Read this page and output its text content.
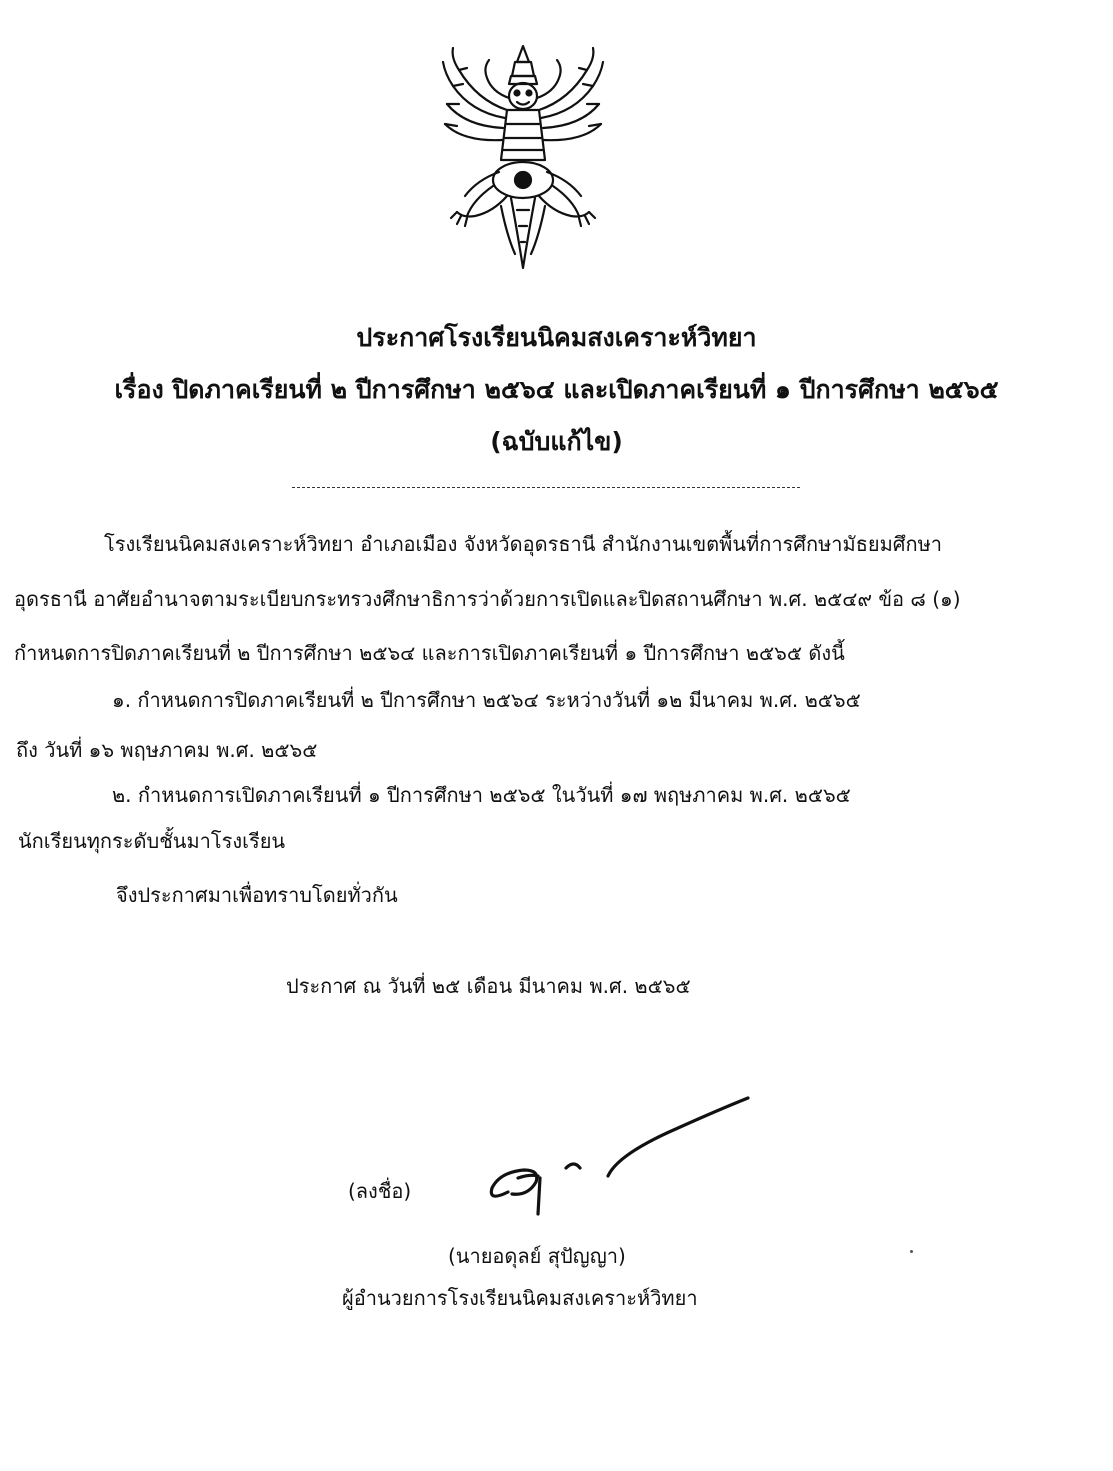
ประกาศโรงเรียนนิคมสงเคราะห์วิทยา
เรื่อง ปิดภาคเรียนที่ ๒ ปีการศึกษา ๒๕๖๔ และเปิดภาคเรียนที่ ๑ ปีการศึกษา ๒๕๖๕
(ฉบับแก้ไข)
โรงเรียนนิคมสงเคราะห์วิทยา อำเภอเมือง จังหวัดอุดรธานี สำนักงานเขตพื้นที่การศึกษามัธยมศึกษา
อุดรธานี อาศัยอำนาจตามระเบียบกระทรวงศึกษาธิการว่าด้วยการเปิดและปิดสถานศึกษา พ.ศ. ๒๕๔๙ ข้อ ๘ (๑)
กำหนดการปิดภาคเรียนที่ ๒ ปีการศึกษา ๒๕๖๔ และการเปิดภาคเรียนที่ ๑ ปีการศึกษา ๒๕๖๕ ดังนี้
๑. กำหนดการปิดภาคเรียนที่ ๒ ปีการศึกษา ๒๕๖๔ ระหว่างวันที่ ๑๒ มีนาคม พ.ศ. ๒๕๖๕
ถึง วันที่ ๑๖ พฤษภาคม พ.ศ. ๒๕๖๕
๒. กำหนดการเปิดภาคเรียนที่ ๑ ปีการศึกษา ๒๕๖๕ ในวันที่ ๑๗ พฤษภาคม พ.ศ. ๒๕๖๕
นักเรียนทุกระดับชั้นมาโรงเรียน
จึงประกาศมาเพื่อทราบโดยทั่วกัน
ประกาศ ณ วันที่ ๒๕ เดือน มีนาคม พ.ศ. ๒๕๖๕
(ลงชื่อ)
(นายอดุลย์ สุปัญญา)
ผู้อำนวยการโรงเรียนนิคมสงเคราะห์วิทยา
